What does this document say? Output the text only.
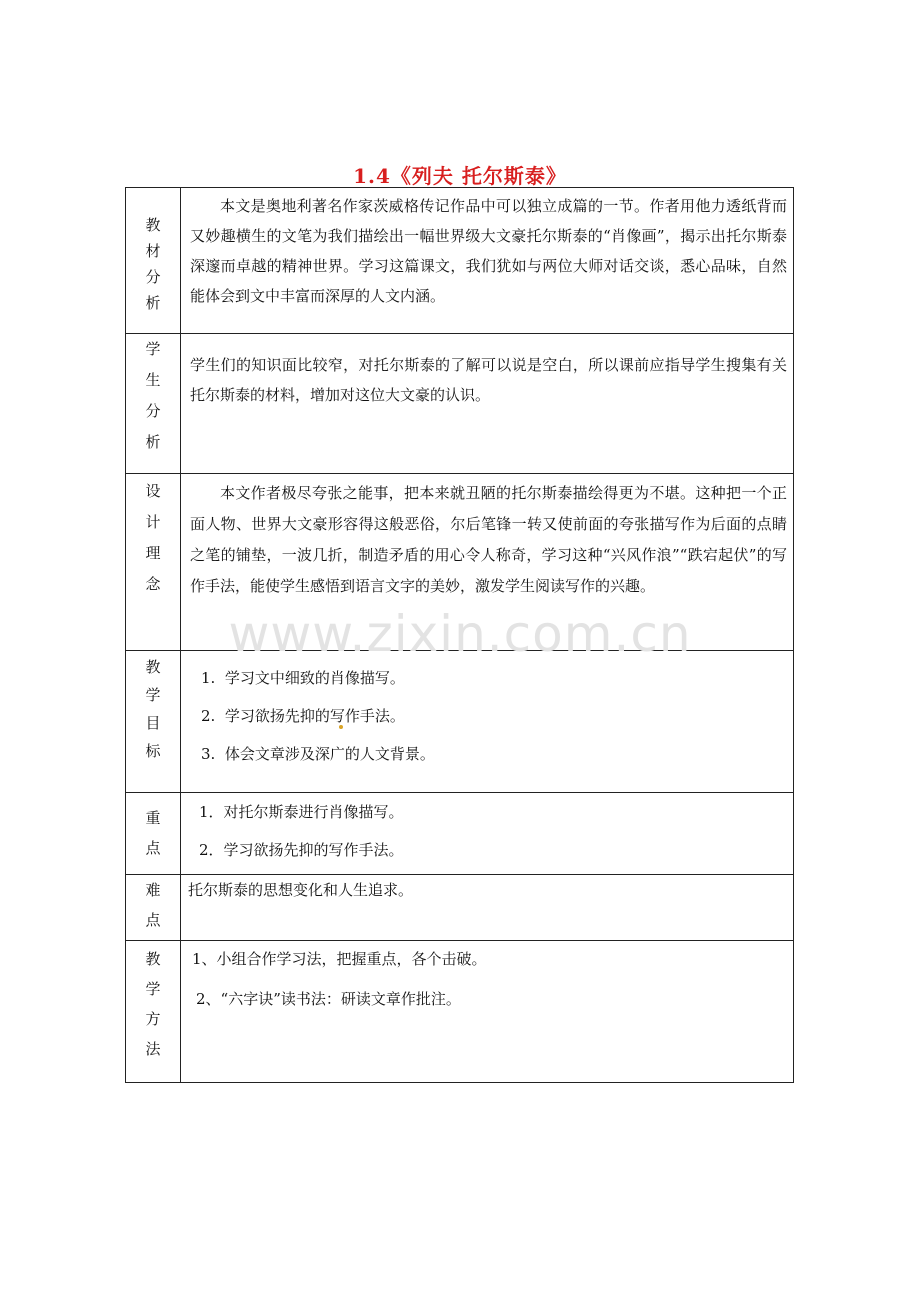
1.4《列夫 托尔斯泰》
教材分析	本文是奥地利著名作家茨威格传记作品中可以独立成篇的一节。作者用他力透纸背而又妙趣横生的文笔为我们描绘出一幅世界级大文豪托尔斯泰的“肖像画”，揭示出托尔斯泰深邃而卓越的精神世界。学习这篇课文，我们犹如与两位大师对话交谈，悉心品味，自然能体会到文中丰富而深厚的人文内涵。

学生分析	学生们的知识面比较窄，对托尔斯泰的了解可以说是空白，所以课前应指导学生搜集有关托尔斯泰的材料，增加对这位大文豪的认识。

设计理念	本文作者极尽夸张之能事，把本来就丑陋的托尔斯泰描绘得更为不堪。这种把一个正面人物、世界大文豪形容得这般恶俗，尔后笔锋一转又使前面的夸张描写作为后面的点睛之笔的铺垫，一波几折，制造矛盾的用心令人称奇，学习这种“兴风作浪”“跌宕起伏”的写作手法，能使学生感悟到语言文字的美妙，激发学生阅读写作的兴趣。

教学目标	1. 学习文中细致的肖像描写。

2. 学习欲扬先抑的写作手法。

3. 体会文章涉及深广的人文背景。

重点	1．对托尔斯泰进行肖像描写。

2．学习欲扬先抑的写作手法。

难点	托尔斯泰的思想变化和人生追求。

教学方法	1、小组合作学习法，把握重点，各个击破。

2、“六字诀”读书法：研读文章作批注。

www.zixin.com.cn
